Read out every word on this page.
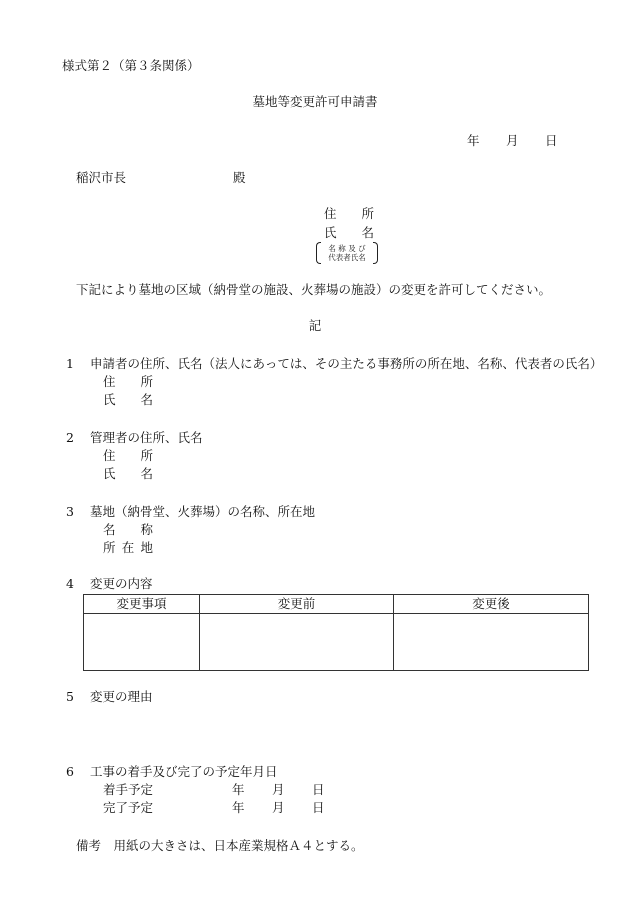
様式第２（第３条関係）
墓地等変更許可申請書
年 月 日
稲沢市長	殿
住 所
氏 名
名 称 及 び
代表者氏名
下記により墓地の区域（納骨堂の施設、火葬場の施設）の変更を許可してください。
記
1 申請者の住所、氏名（法人にあっては、その主たる事務所の所在地、名称、代表者の氏名）
住 所
氏 名
2 管理者の住所、氏名
住 所
氏 名
3 墓地（納骨堂、火葬場）の名称、所在地
名 称
所 在 地
4 変更の内容
変更事項	変更前	変更後

5 変更の理由
6 工事の着手及び完了の予定年月日
着手予定	年 月 日
完了予定	年 月 日
備考　用紙の大きさは、日本産業規格Ａ４とする。
